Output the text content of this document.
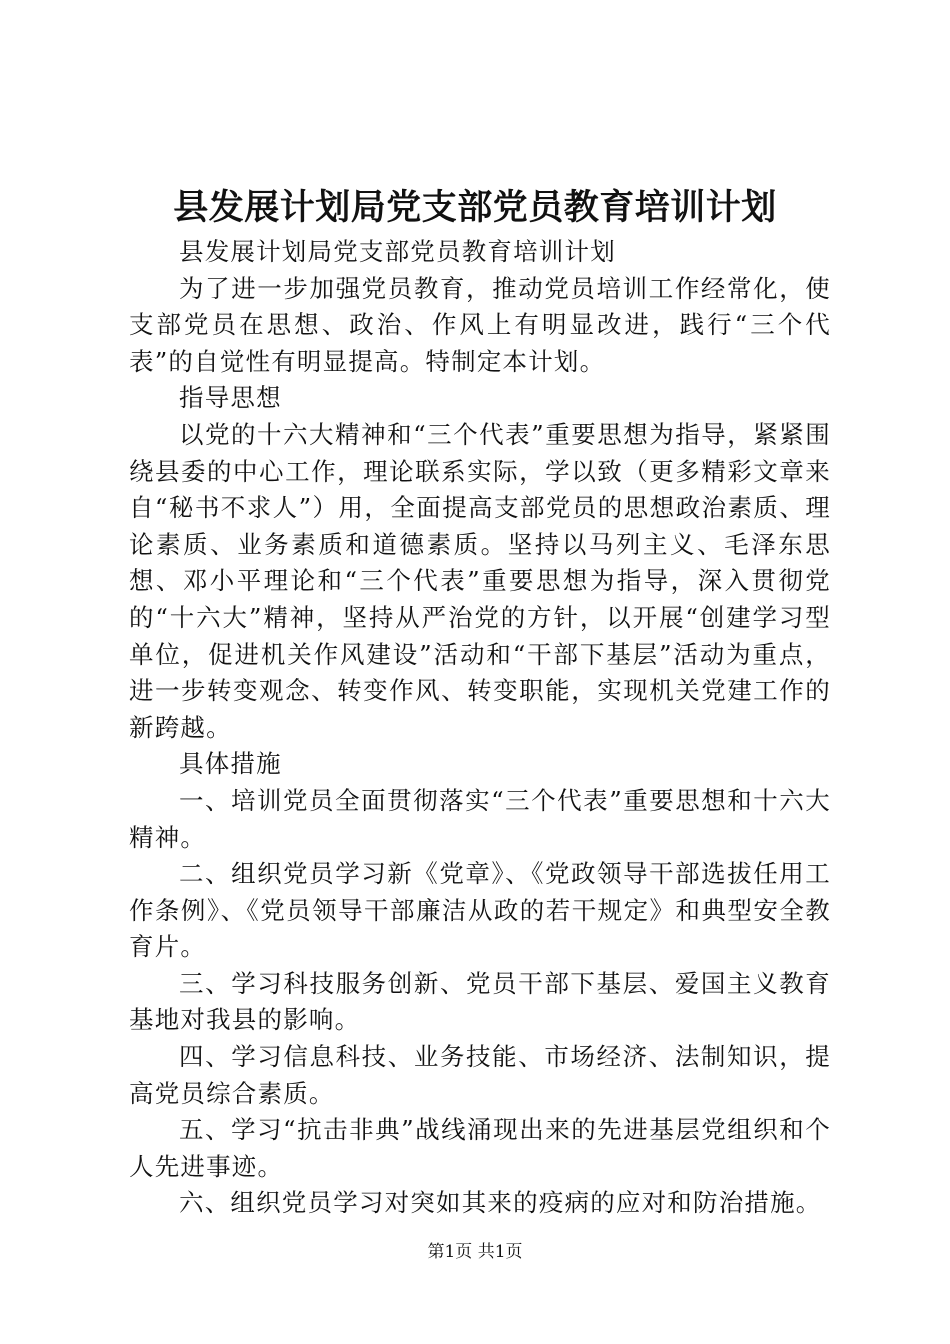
县发展计划局党支部党员教育培训计划

县发展计划局党支部党员教育培训计划

为了进一步加强党员教育，推动党员培训工作经常化，使支部党员在思想、政治、作风上有明显改进，践行“三个代表”的自觉性有明显提高。特制定本计划。

指导思想

以党的十六大精神和“三个代表”重要思想为指导，紧紧围绕县委的中心工作，理论联系实际，学以致（更多精彩文章来自“秘书不求人”）用，全面提高支部党员的思想政治素质、理论素质、业务素质和道德素质。坚持以马列主义、毛泽东思想、邓小平理论和“三个代表”重要思想为指导，深入贯彻党的“十六大”精神，坚持从严治党的方针，以开展“创建学习型单位，促进机关作风建设”活动和“干部下基层”活动为重点，进一步转变观念、转变作风、转变职能，实现机关党建工作的新跨越。

具体措施

一、培训党员全面贯彻落实“三个代表”重要思想和十六大精神。

二、组织党员学习新《党章》、《党政领导干部选拔任用工作条例》、《党员领导干部廉洁从政的若干规定》和典型安全教育片。

三、学习科技服务创新、党员干部下基层、爱国主义教育基地对我县的影响。

四、学习信息科技、业务技能、市场经济、法制知识，提高党员综合素质。

五、学习“抗击非典”战线涌现出来的先进基层党组织和个人先进事迹。

六、组织党员学习对突如其来的疫病的应对和防治措施。

第1页 共1页
